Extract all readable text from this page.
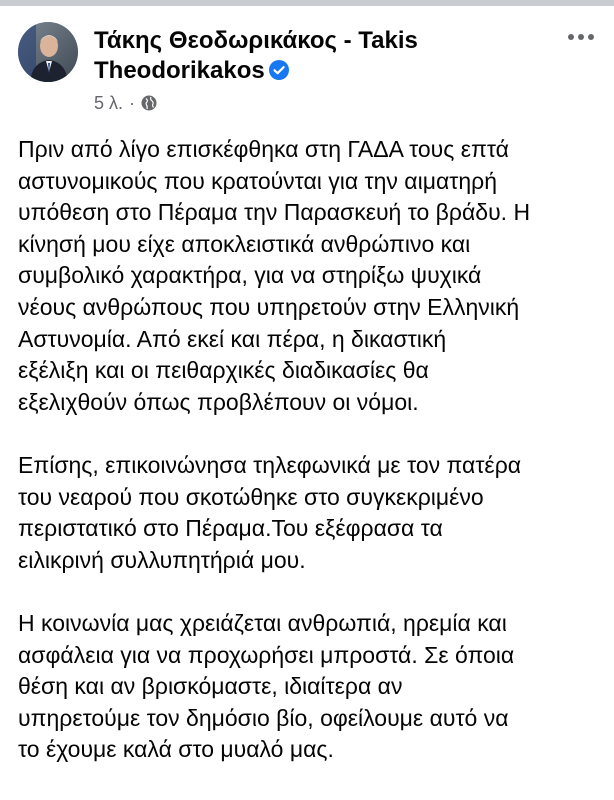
Τάκης Θεοδωρικάκος - Takis
Theodorikakos
5 λ. ·
Πριν από λίγο επισκέφθηκα στη ΓΑΔΑ τους επτά
αστυνομικούς που κρατούνται για την αιματηρή
υπόθεση στο Πέραμα την Παρασκευή το βράδυ. Η
κίνησή μου είχε αποκλειστικά ανθρώπινο και
συμβολικό χαρακτήρα, για να στηρίξω ψυχικά
νέους ανθρώπους που υπηρετούν στην Ελληνική
Αστυνομία. Από εκεί και πέρα, η δικαστική
εξέλιξη και οι πειθαρχικές διαδικασίες θα
εξελιχθούν όπως προβλέπουν οι νόμοι.
Επίσης, επικοινώνησα τηλεφωνικά με τον πατέρα
του νεαρού που σκοτώθηκε στο συγκεκριμένο
περιστατικό στο Πέραμα.Του εξέφρασα τα
ειλικρινή συλλυπητήριά μου.
Η κοινωνία μας χρειάζεται ανθρωπιά, ηρεμία και
ασφάλεια για να προχωρήσει μπροστά. Σε όποια
θέση και αν βρισκόμαστε, ιδιαίτερα αν
υπηρετούμε τον δημόσιο βίο, οφείλουμε αυτό να
το έχουμε καλά στο μυαλό μας.
